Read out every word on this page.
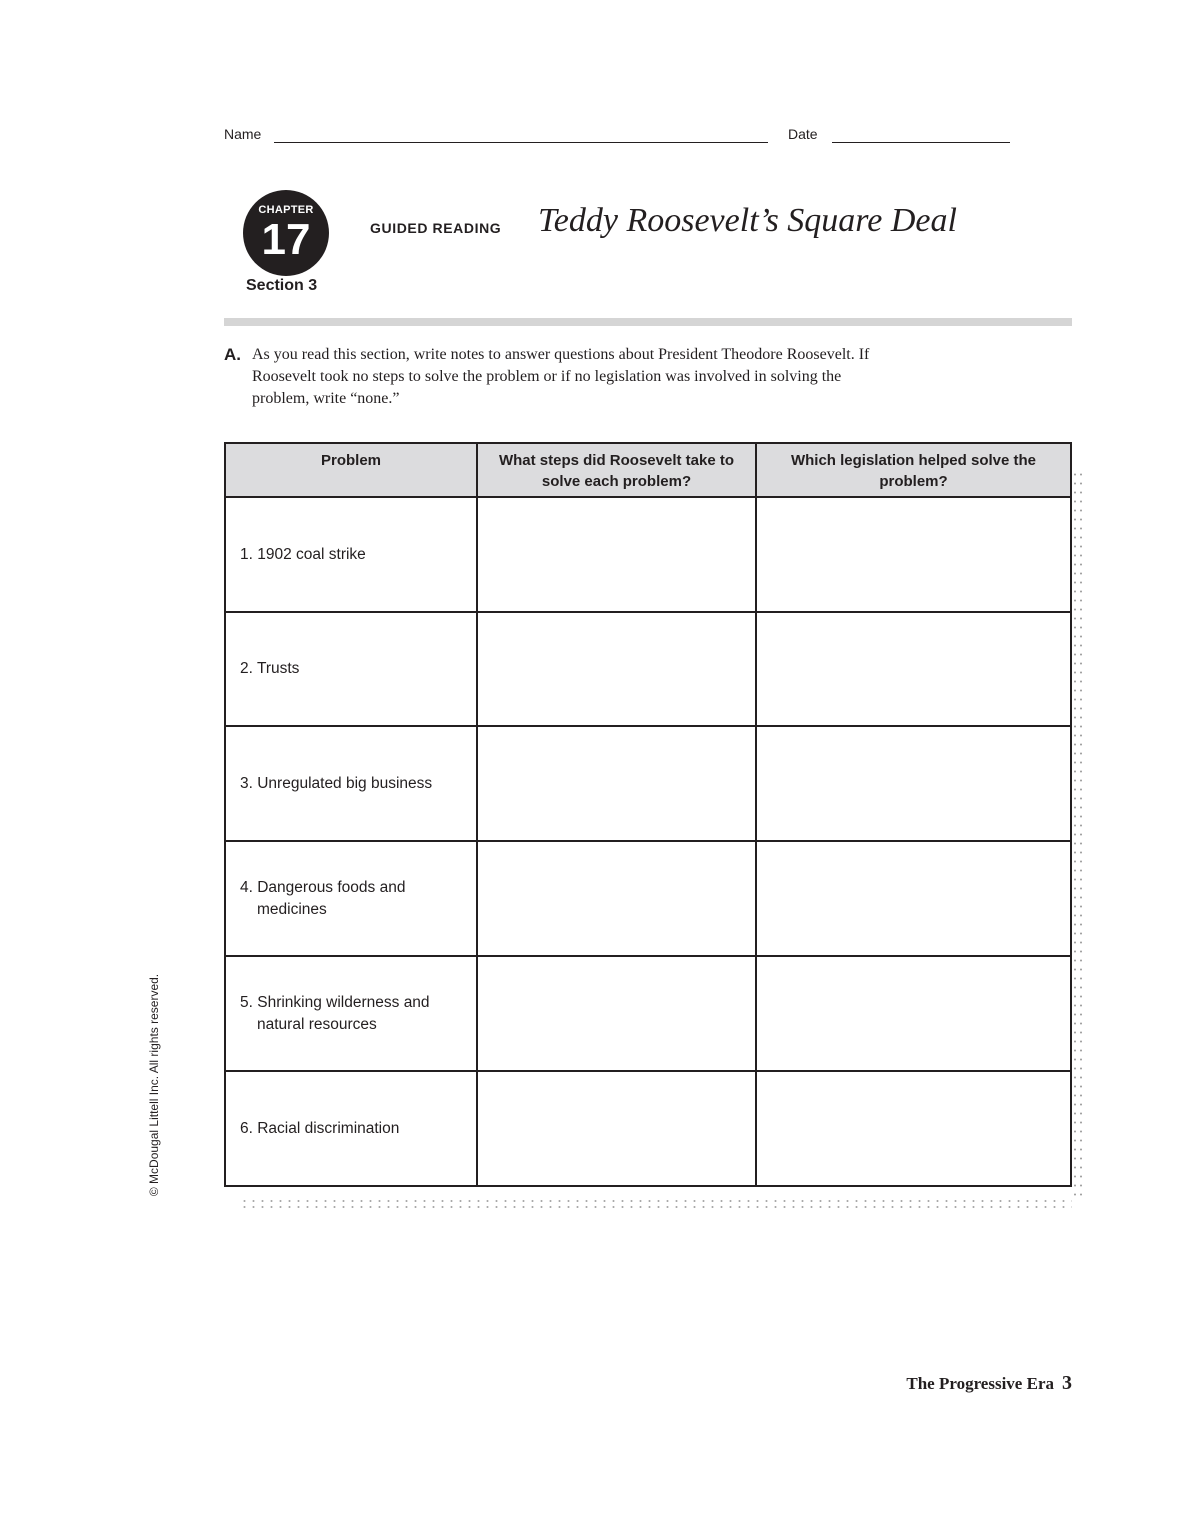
Name	Date
CHAPTER
17
Section 3
GUIDED READING Teddy Roosevelt’s Square Deal
A. As you read this section, write notes to answer questions about President Theodore Roosevelt. If Roosevelt took no steps to solve the problem or if no legislation was involved in solving the problem, write “none.”
Problem	What steps did Roosevelt take to solve each problem?	Which legislation helped solve the problem?

1. 1902 coal strike		

2. Trusts		

3. Unregulated big business		

4. Dangerous foods and medicines		

5. Shrinking wilderness and natural resources		

6. Racial discrimination		

© McDougal Littell Inc. All rights reserved.
The Progressive Era 3
